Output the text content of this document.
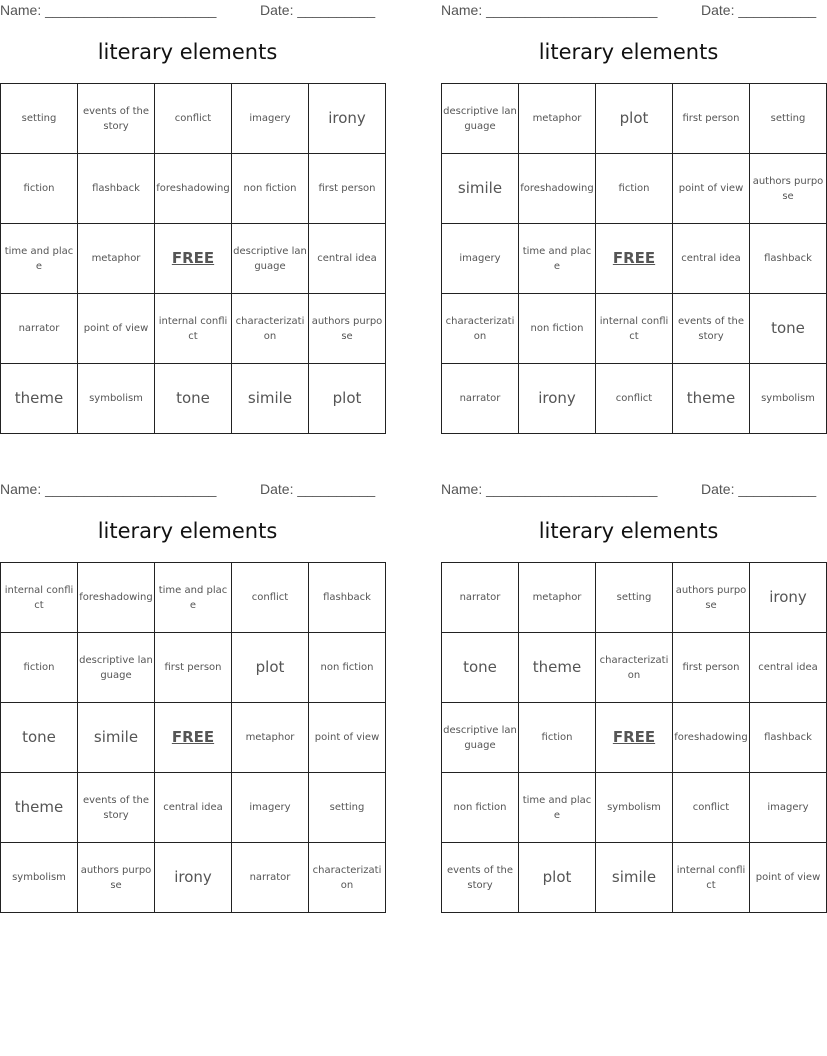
Name: ______________________	Date: __________
literary elements
setting	events of the story	conflict	imagery	irony
fiction	flashback	foreshadowing	non fiction	first person
time and place	metaphor	FREE	descriptive language	central idea
narrator	point of view	internal conflict	characterization	authors purpose
theme	symbolism	tone	simile	plot
Name: ______________________	Date: __________
literary elements
descriptive language	metaphor	plot	first person	setting
simile	foreshadowing	fiction	point of view	authors purpose
imagery	time and place	FREE	central idea	flashback
characterization	non fiction	internal conflict	events of the story	tone
narrator	irony	conflict	theme	symbolism
Name: ______________________	Date: __________
literary elements
internal conflict	foreshadowing	time and place	conflict	flashback
fiction	descriptive language	first person	plot	non fiction
tone	simile	FREE	metaphor	point of view
theme	events of the story	central idea	imagery	setting
symbolism	authors purpose	irony	narrator	characterization
Name: ______________________	Date: __________
literary elements
narrator	metaphor	setting	authors purpose	irony
tone	theme	characterization	first person	central idea
descriptive language	fiction	FREE	foreshadowing	flashback
non fiction	time and place	symbolism	conflict	imagery
events of the story	plot	simile	internal conflict	point of view
